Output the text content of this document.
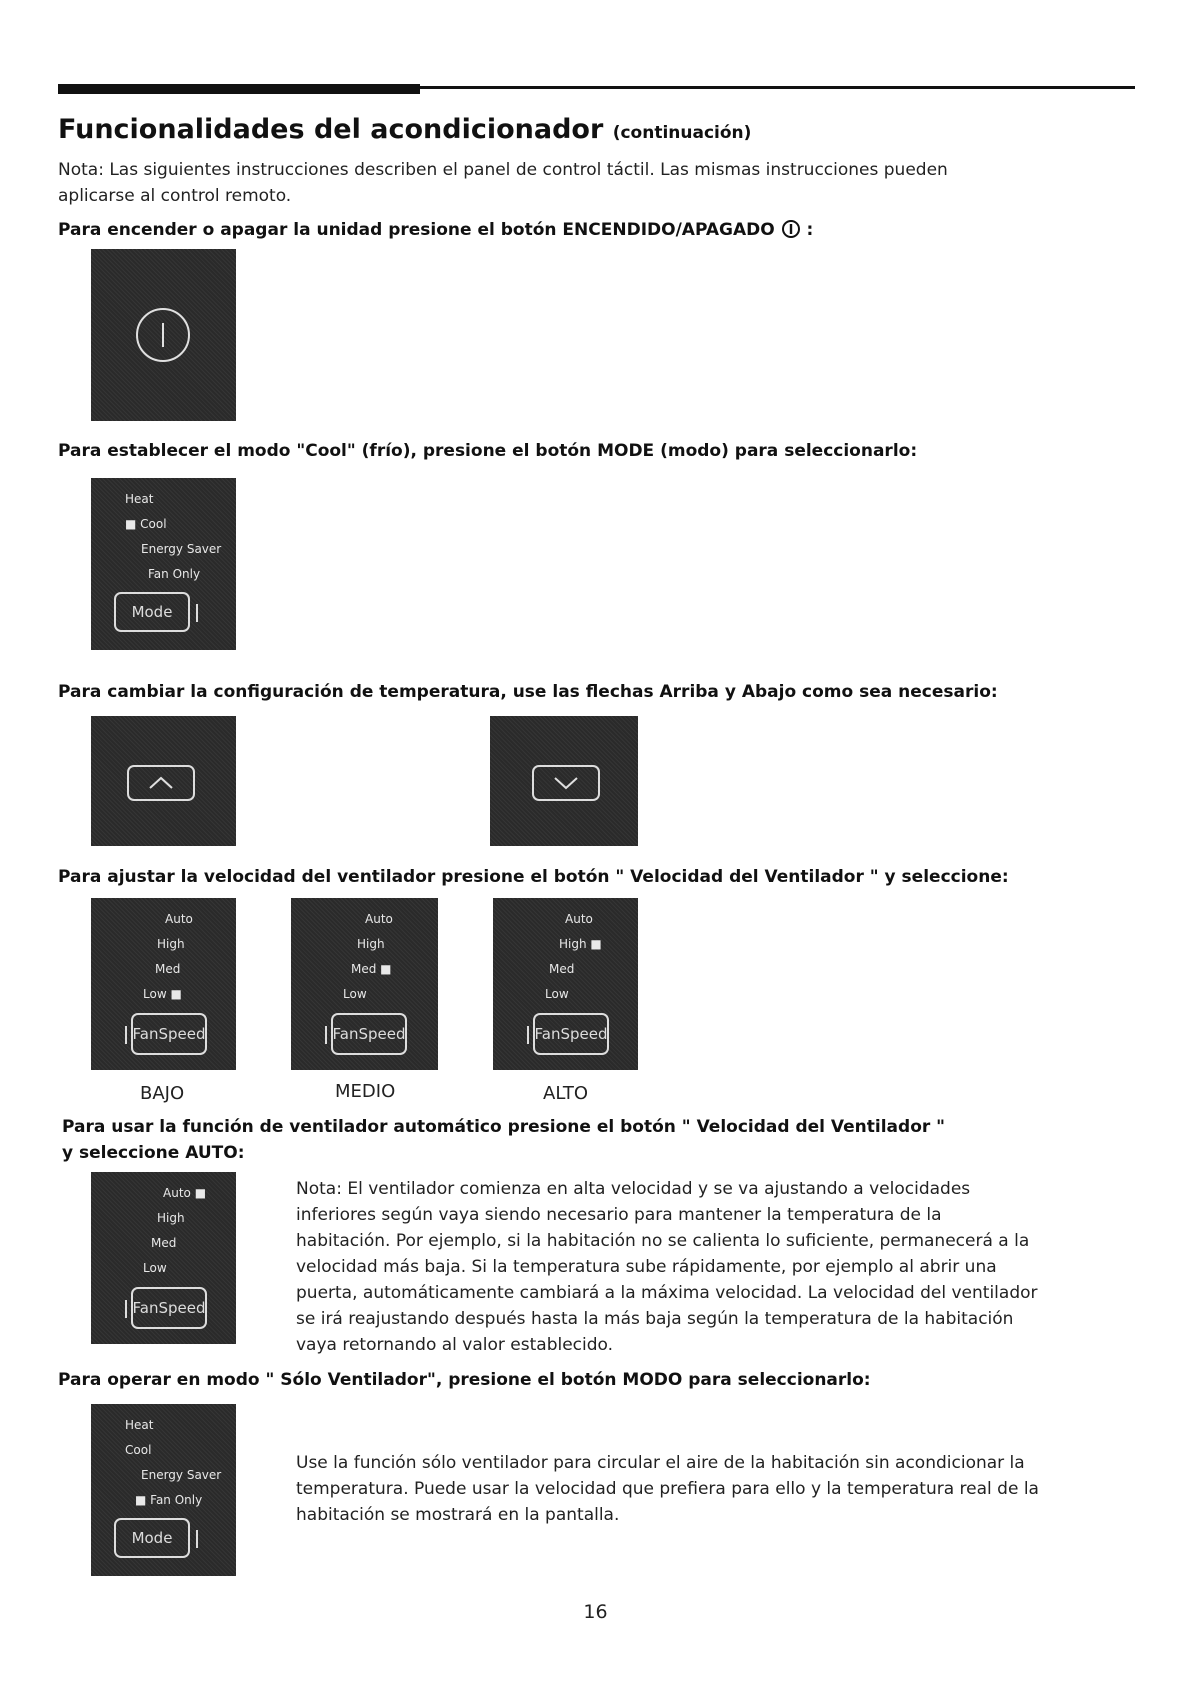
Funcionalidades del acondicionador (continuación)
Nota: Las siguientes instrucciones describen el panel de control táctil. Las mismas instrucciones pueden aplicarse al control remoto.
Para encender o apagar la unidad presione el botón ENCENDIDO/APAGADO :
Para establecer el modo "Cool" (frío), presione el botón MODE (modo) para seleccionarlo:
Heat
■ Cool
Energy Saver
Fan Only
Mode
Para cambiar la configuración de temperatura, use las flechas Arriba y Abajo como sea necesario:
Para ajustar la velocidad del ventilador presione el botón " Velocidad del Ventilador " y seleccione:
Auto
High
Med
Low ■
Fan Speed
Auto
High
Med ■
Low
Fan Speed
Auto
High ■
Med
Low
Fan Speed
BAJO	MEDIO	ALTO
Para usar la función de ventilador automático presione el botón " Velocidad del Ventilador " y seleccione AUTO:
Auto ■
High
Med
Low
Fan Speed
Nota: El ventilador comienza en alta velocidad y se va ajustando a velocidades inferiores según vaya siendo necesario para mantener la temperatura de la habitación. Por ejemplo, si la habitación no se calienta lo suficiente, permanecerá a la velocidad más baja. Si la temperatura sube rápidamente, por ejemplo al abrir una puerta, automáticamente cambiará a la máxima velocidad. La velocidad del ventilador se irá reajustando después hasta la más baja según la temperatura de la habitación vaya retornando al valor establecido.
Para operar en modo " Sólo Ventilador", presione el botón MODO para seleccionarlo:
Heat
Cool
Energy Saver
■ Fan Only
Mode
Use la función sólo ventilador para circular el aire de la habitación sin acondicionar la temperatura. Puede usar la velocidad que prefiera para ello y la temperatura real de la habitación se mostrará en la pantalla.
16
